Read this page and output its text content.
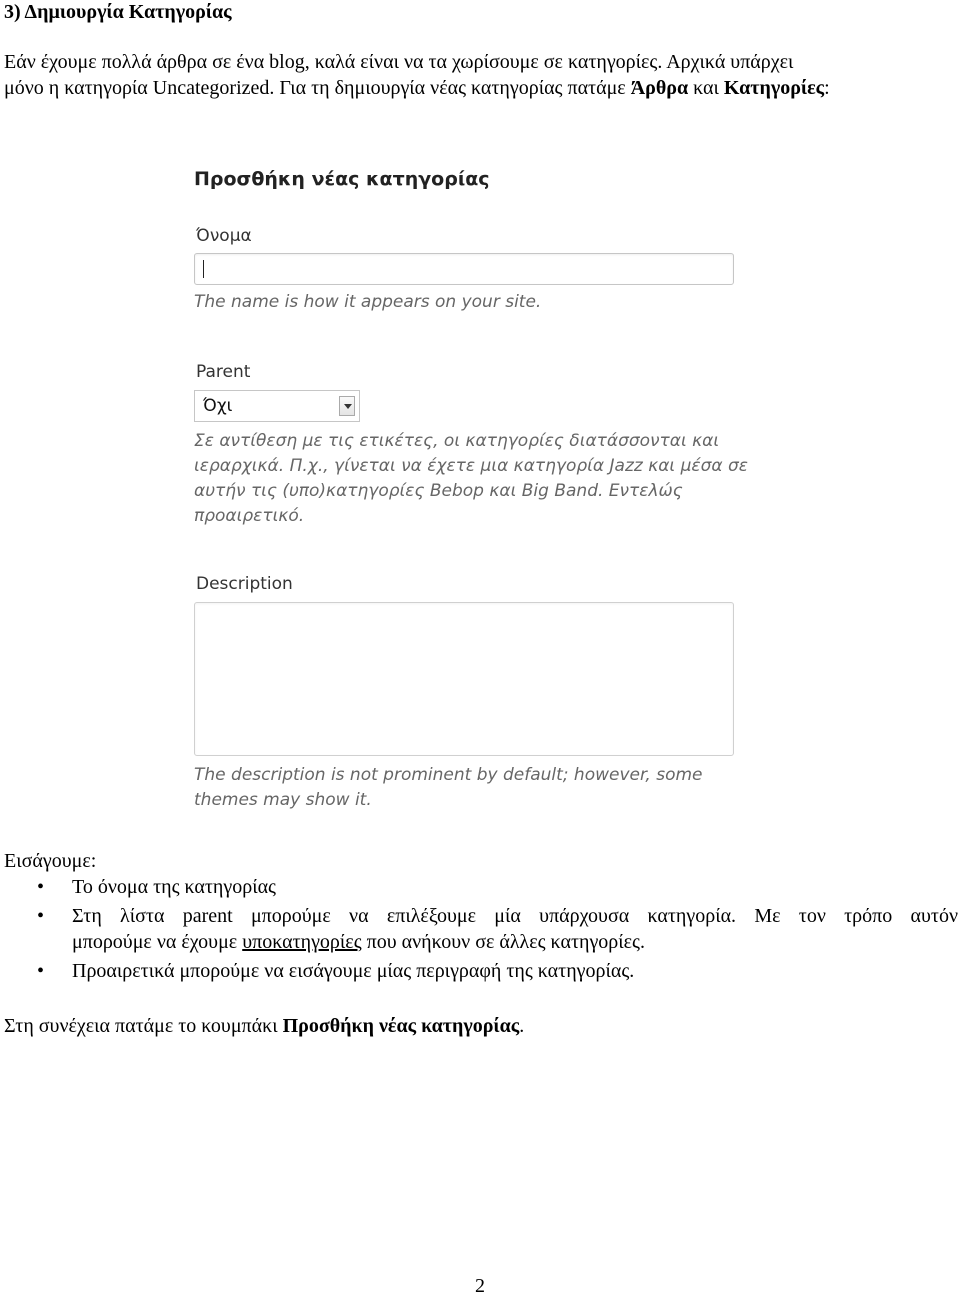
3) Δημιουργία Κατηγορίας
Εάν έχουμε πολλά άρθρα σε ένα blog, καλά είναι να τα χωρίσουμε σε κατηγορίες. Αρχικά υπάρχει
μόνο η κατηγορία Uncategorized. Για τη δημιουργία νέας κατηγορίας πατάμε Άρθρα και Κατηγορίες:
Προσθήκη νέας κατηγορίας
Όνομα
The name is how it appears on your site.
Parent
Όχι
Σε αντίθεση με τις ετικέτες, οι κατηγορίες διατάσσονται και ιεραρχικά. Π.χ., γίνεται να έχετε μια κατηγορία Jazz και μέσα σε αυτήν τις (υπο)κατηγορίες Bebop και Big Band. Εντελώς προαιρετικό.
Description
The description is not prominent by default; however, some themes may show it.
Εισάγουμε:
• Το όνομα της κατηγορίας
• Στη λίστα parent μπορούμε να επιλέξουμε μία υπάρχουσα κατηγορία. Με τον τρόπο αυτόν
μπορούμε να έχουμε υποκατηγορίες που ανήκουν σε άλλες κατηγορίες.
• Προαιρετικά μπορούμε να εισάγουμε μίας περιγραφή της κατηγορίας.
Στη συνέχεια πατάμε το κουμπάκι Προσθήκη νέας κατηγορίας.
2
